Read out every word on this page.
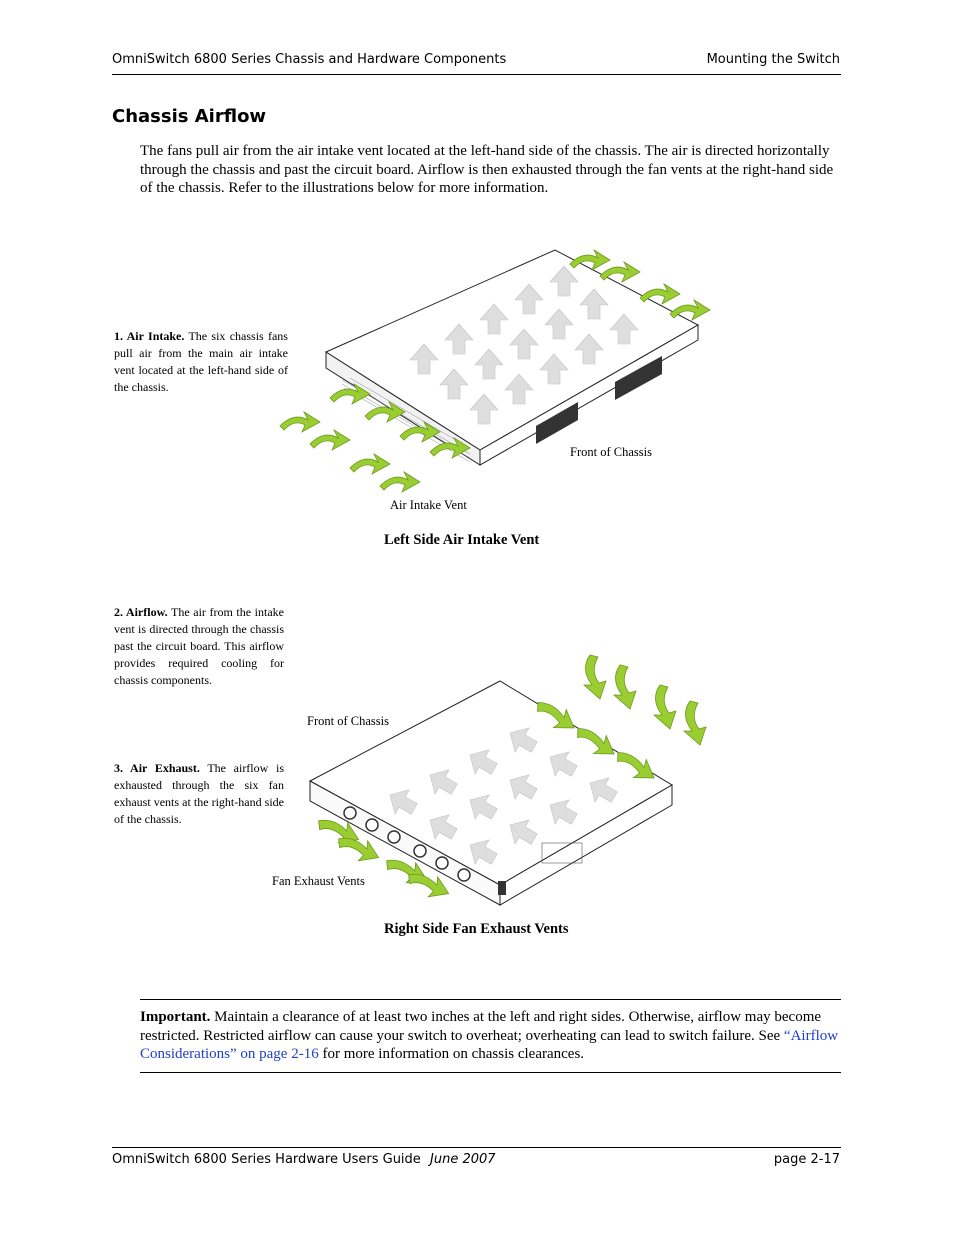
OmniSwitch 6800 Series Chassis and Hardware Components	Mounting the Switch
Chassis Airflow
The fans pull air from the air intake vent located at the left-hand side of the chassis. The air is directed horizontally through the chassis and past the circuit board. Airflow is then exhausted through the fan vents at the right-hand side of the chassis. Refer to the illustrations below for more information.
1. Air Intake. The six chassis fans pull air from the main air intake vent located at the left-hand side of the chassis.
Front of Chassis
Air Intake Vent
Left Side Air Intake Vent
2. Airflow. The air from the intake vent is directed through the chassis past the circuit board. This airflow provides required cooling for chassis components.
3. Air Exhaust. The airflow is exhausted through the six fan exhaust vents at the right-hand side of the chassis.
Front of Chassis
Fan Exhaust Vents
Right Side Fan Exhaust Vents
Important. Maintain a clearance of at least two inches at the left and right sides. Otherwise, airflow may become restricted. Restricted airflow can cause your switch to overheat; overheating can lead to switch failure. See “Airflow Considerations” on page 2-16 for more information on chassis clearances.
OmniSwitch 6800 Series Hardware Users Guide June 2007	page 2-17
